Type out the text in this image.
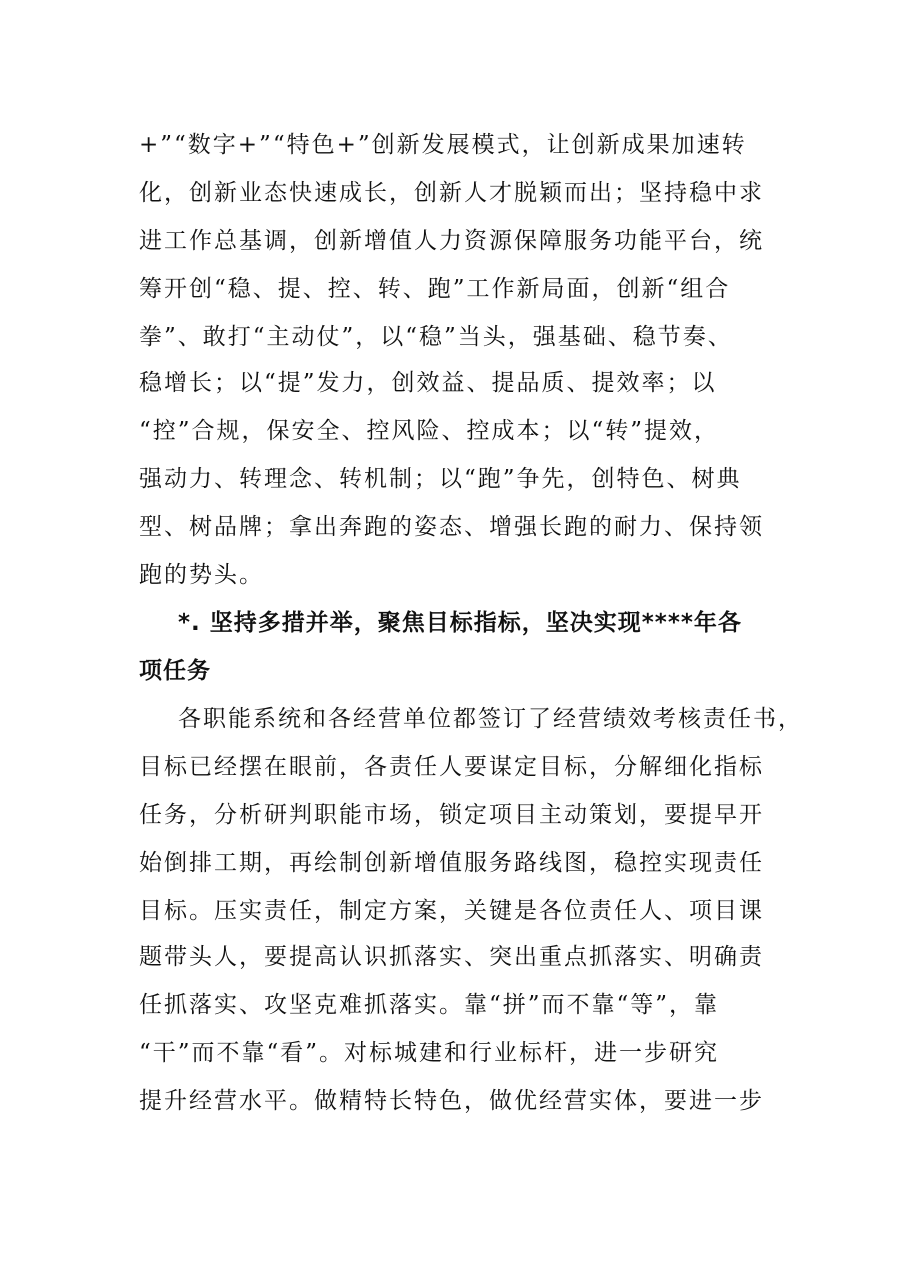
+”“数字+”“特色+”创新发展模式，让创新成果加速转
化，创新业态快速成长，创新人才脱颖而出；坚持稳中求
进工作总基调，创新增值人力资源保障服务功能平台，统
筹开创“稳、提、控、转、跑”工作新局面，创新“组合
拳”、敢打“主动仗”，以“稳”当头，强基础、稳节奏、
稳增长；以“提”发力，创效益、提品质、提效率；以
“控”合规，保安全、控风险、控成本；以“转”提效，
强动力、转理念、转机制；以“跑”争先，创特色、树典
型、树品牌；拿出奔跑的姿态、增强长跑的耐力、保持领
跑的势头。
*. 坚持多措并举，聚焦目标指标，坚决实现****年各
项任务
各职能系统和各经营单位都签订了经营绩效考核责任书，
目标已经摆在眼前，各责任人要谋定目标，分解细化指标
任务，分析研判职能市场，锁定项目主动策划，要提早开
始倒排工期，再绘制创新增值服务路线图，稳控实现责任
目标。压实责任，制定方案，关键是各位责任人、项目课
题带头人，要提高认识抓落实、突出重点抓落实、明确责
任抓落实、攻坚克难抓落实。靠“拼”而不靠“等”，靠
“干”而不靠“看”。对标城建和行业标杆，进一步研究
提升经营水平。做精特长特色，做优经营实体，要进一步
